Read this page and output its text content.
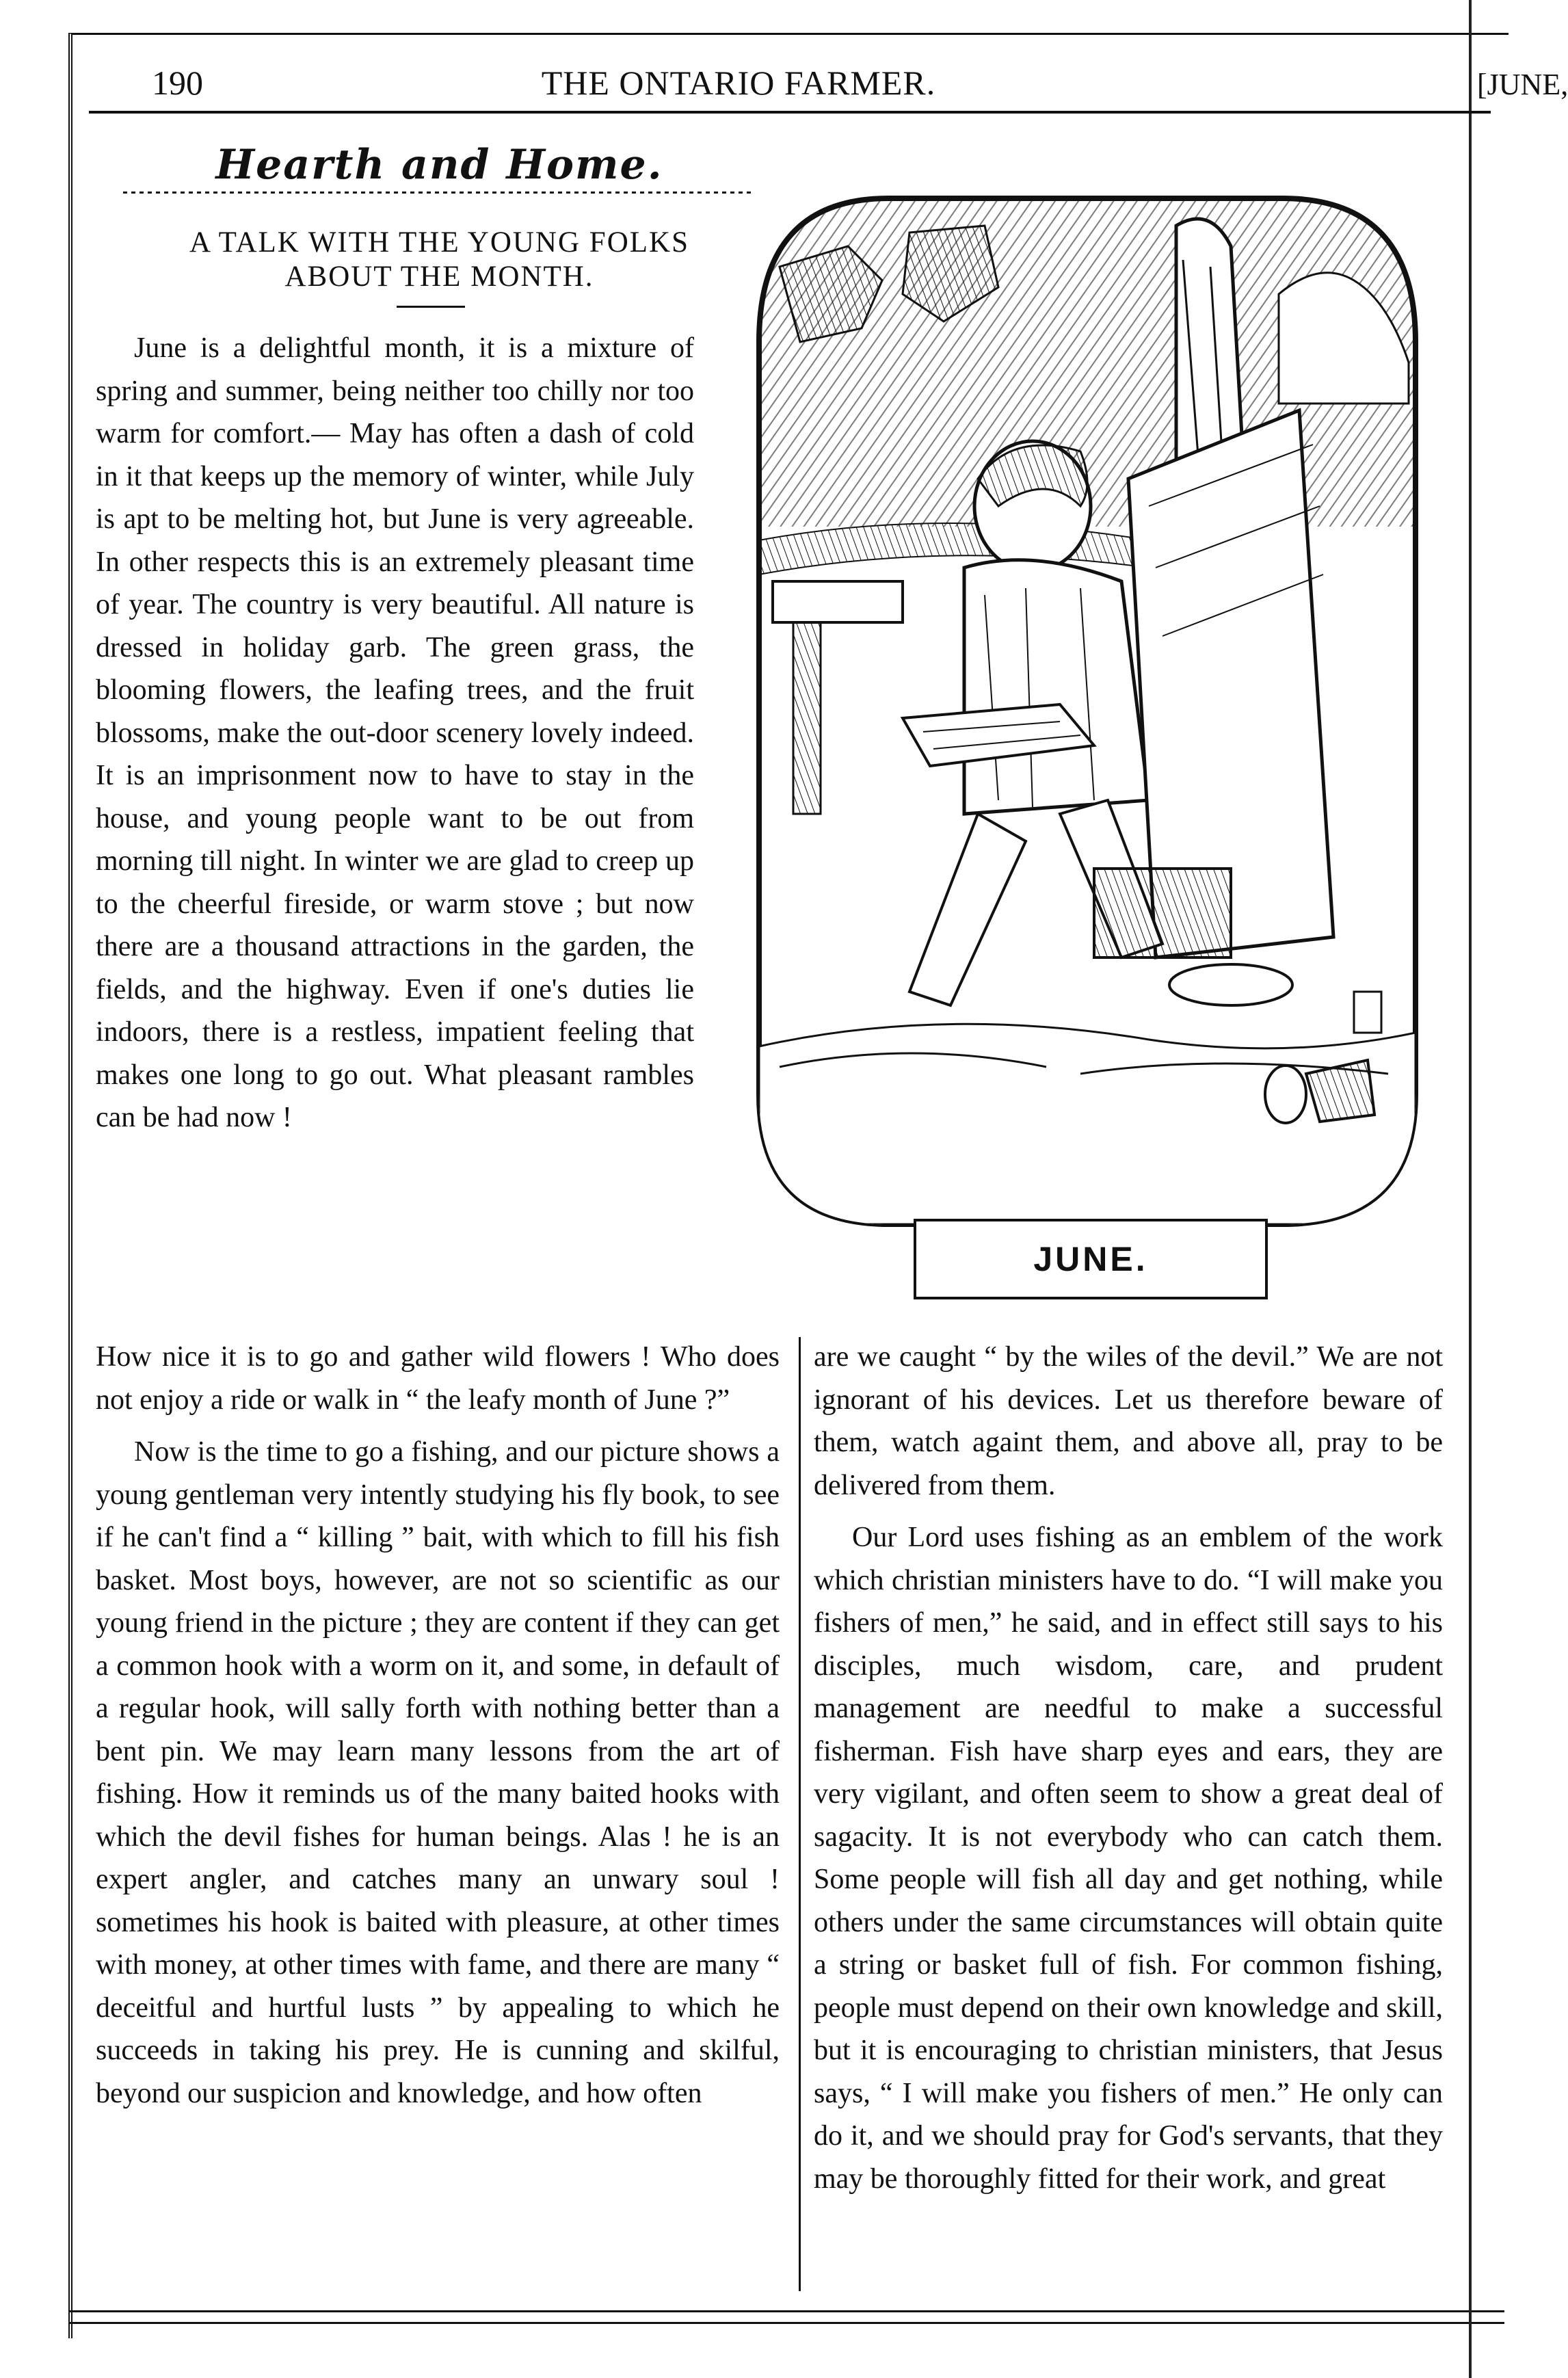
190	THE ONTARIO FARMER.	[JUNE,
Hearth and Home.
A TALK WITH THE YOUNG FOLKS
ABOUT THE MONTH.

June is a delightful month, it is a mixture of spring and summer, being neither too chilly nor too warm for comfort.— May has often a dash of cold in it that keeps up the memory of winter, while July is apt to be melting hot, but June is very agreeable. In other respects this is an extremely pleasant time of year. The country is very beautiful. All nature is dressed in holiday garb. The green grass, the blooming flowers, the leafing trees, and the fruit blossoms, make the out-door scenery lovely indeed. It is an imprisonment now to have to stay in the house, and young people want to be out from morning till night. In winter we are glad to creep up to the cheerful fireside, or warm stove ; but now there are a thousand attractions in the garden, the fields, and the highway. Even if one's duties lie indoors, there is a restless, impatient feeling that makes one long to go out. What pleasant rambles can be had now !

How nice it is to go and gather wild flowers ! Who does not enjoy a ride or walk in “ the leafy month of June ?”

Now is the time to go a fishing, and our picture shows a young gentleman very intently studying his fly book, to see if he can't find a “ killing ” bait, with which to fill his fish basket. Most boys, however, are not so scientific as our young friend in the picture ; they are content if they can get a common hook with a worm on it, and some, in default of a regular hook, will sally forth with nothing better than a bent pin. We may learn many lessons from the art of fishing. How it reminds us of the many baited hooks with which the devil fishes for human beings. Alas ! he is an expert angler, and catches many an unwary soul ! sometimes his hook is baited with pleasure, at other times with money, at other times with fame, and there are many “ deceitful and hurtful lusts ” by appealing to which he succeeds in taking his prey. He is cunning and skilful, beyond our suspicion and knowledge, and how often

are we caught “ by the wiles of the devil.” We are not ignorant of his devices. Let us therefore beware of them, watch againt them, and above all, pray to be delivered from them.

Our Lord uses fishing as an emblem of the work which christian ministers have to do. “I will make you fishers of men,” he said, and in effect still says to his disciples, much wisdom, care, and prudent management are needful to make a successful fisherman. Fish have sharp eyes and ears, they are very vigilant, and often seem to show a great deal of sagacity. It is not everybody who can catch them. Some people will fish all day and get nothing, while others under the same circumstances will obtain quite a string or basket full of fish. For common fishing, people must depend on their own knowledge and skill, but it is encouraging to christian ministers, that Jesus says, “ I will make you fishers of men.” He only can do it, and we should pray for God's servants, that they may be thoroughly fitted for their work, and great

JUNE.
